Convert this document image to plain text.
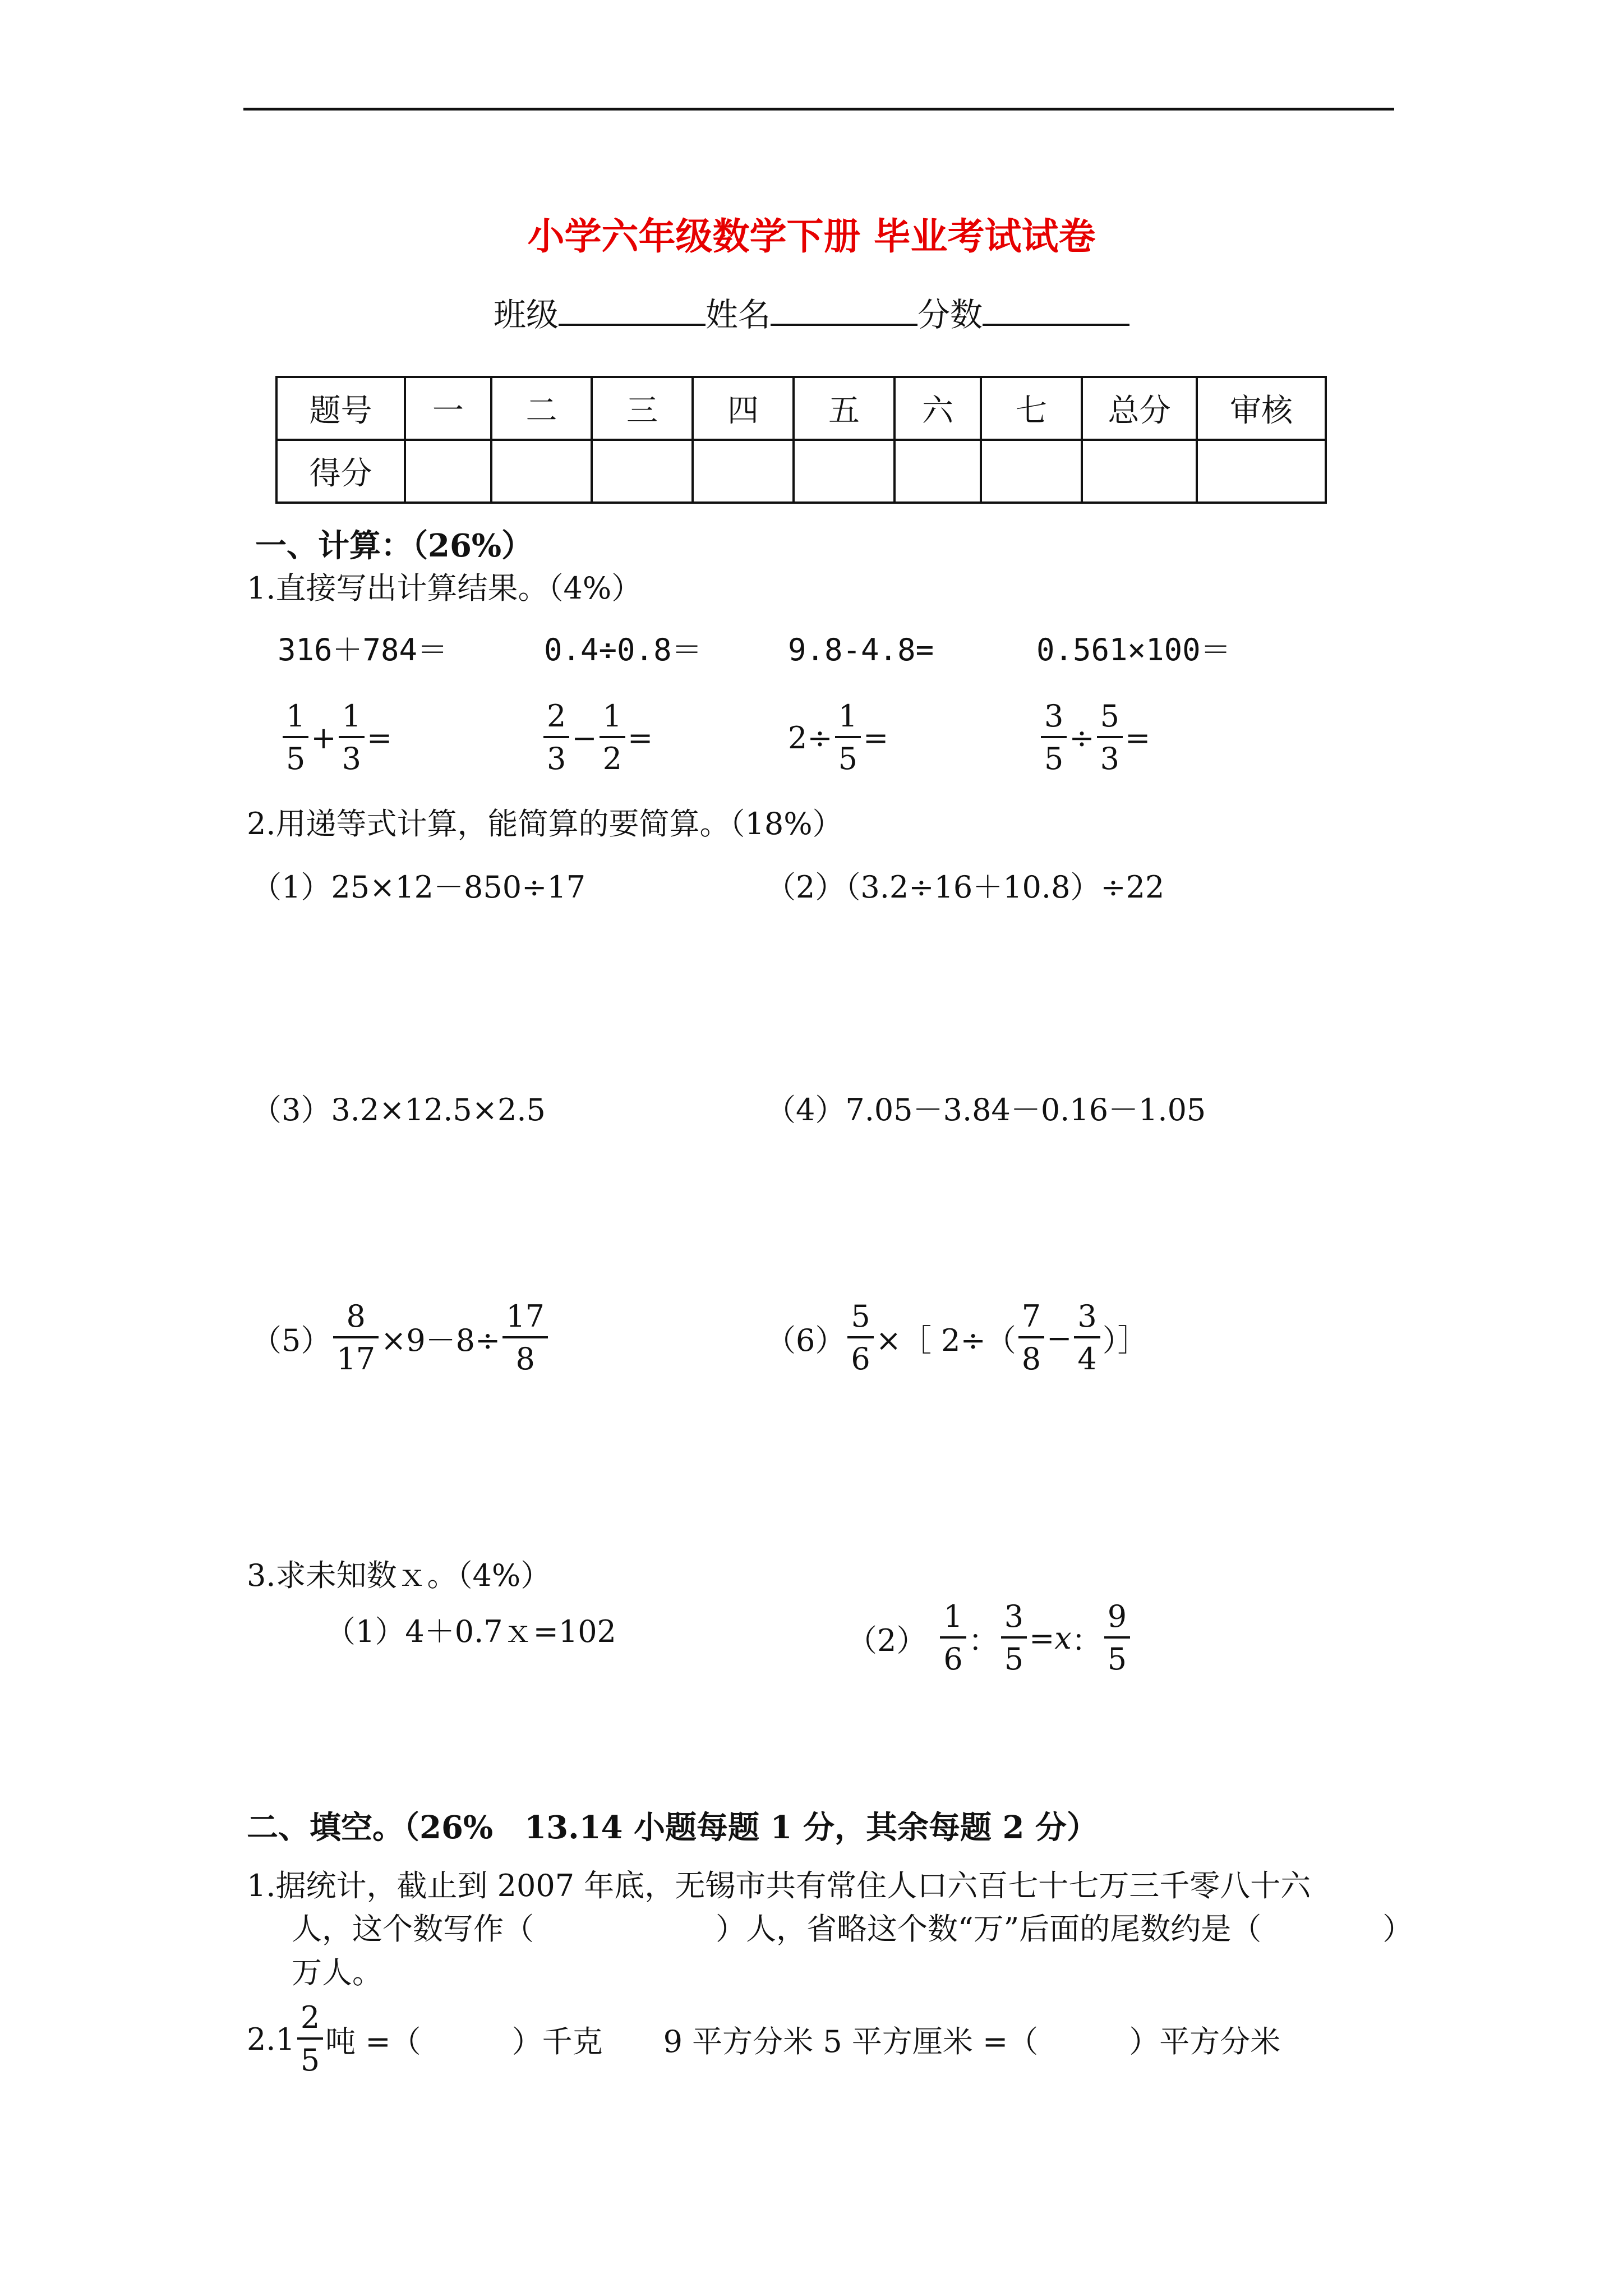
小学六年级数学下册 毕业考试试卷
班级	姓名	分数
题号	一	二	三	四	五	六	七	总分	审核
得分									
一、计算：（26%）
1.直接写出计算结果。（4%）
316＋784＝	0.4÷0.8＝	9.8-4.8=	0.561×100＝
$\frac{1}{5} + \frac{1}{3}$ =	$\frac{2}{3} - \frac{1}{2}$ =	$2\div \frac{1}{5}$ =	$\frac{3}{5} \div \frac{5}{3}$ =
2.用递等式计算，能简算的要简算。（18%）
（1）25×12－850÷17	（2）（3.2÷16＋10.8）÷22
（3）3.2×12.5×2.5	（4）7.05－3.84－0.16－1.05
$(5) \frac{8}{17} \times 9-8\div \frac{17}{8}$	$(6) \frac{5}{6}$ ×［ $2\div( \frac{7}{8} - \frac{3}{4}$ ）］
3.求未知数ｘ。（4%）
（1）4＋0.7ｘ=102	$(2) \frac{1}{6}$ ： $\frac{3}{5} = x$ ： $\frac{9}{5}$
二、填空。（26%　13.14 小题每题 1 分，其余每题 2 分）
1.据统计，截止到 2007 年底，无锡市共有常住人口六百七十七万三千零八十六
人，这个数写作（　　　　　　）人，省略这个数“万”后面的尾数约是（　　　　）
万人。
2. $1 \frac{2}{5}$ 吨 =（　　　）千克　　9 平方分米 5 平方厘米 =（　　　）平方分米
